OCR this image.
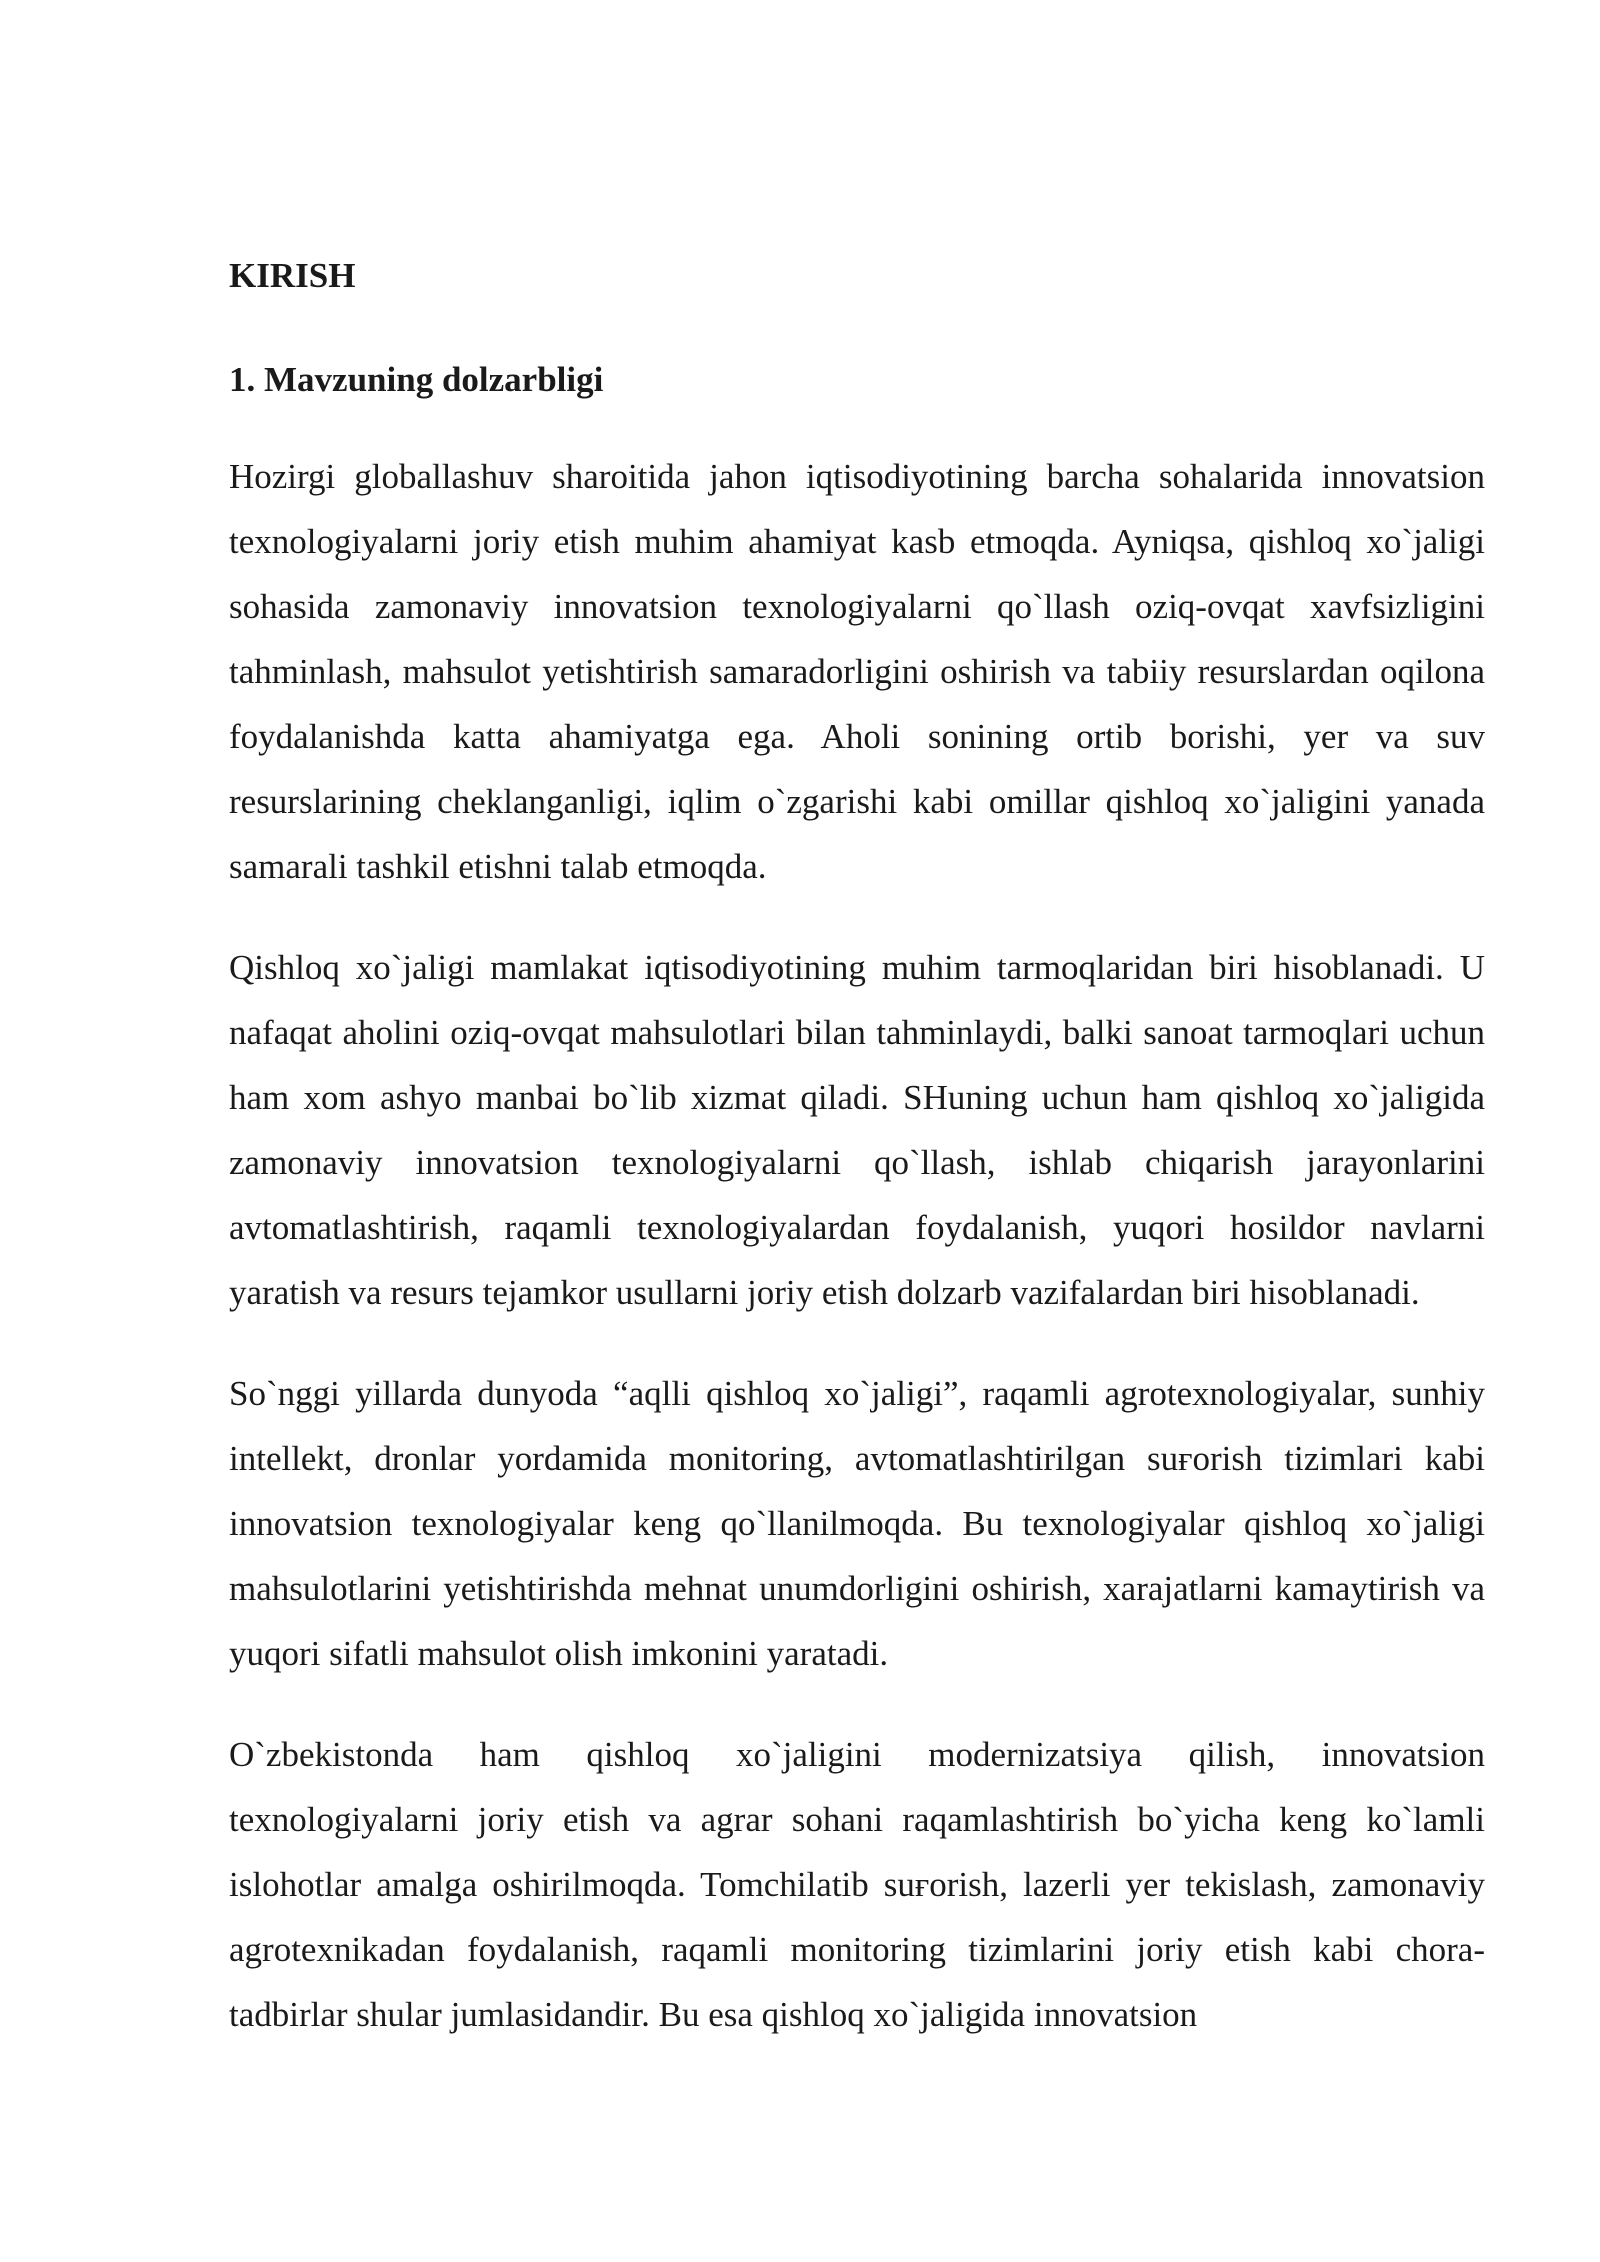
KIRISH
1. Mavzuning dolzarbligi

Hozirgi globallashuv sharoitida jahon iqtisodiyotining barcha sohalarida innovatsion texnologiyalarni joriy etish muhim ahamiyat kasb etmoqda. Ayniqsa, qishloq xo`jaligi sohasida zamonaviy innovatsion texnologiyalarni qo`llash oziq-ovqat xavfsizligini tahminlash, mahsulot yetishtirish samaradorligini oshirish va tabiiy resurslardan oqilona foydalanishda katta ahamiyatga ega. Aholi sonining ortib borishi, yer va suv resurslarining cheklanganligi, iqlim o`zgarishi kabi omillar qishloq xo`jaligini yanada samarali tashkil etishni talab etmoqda.

Qishloq xo`jaligi mamlakat iqtisodiyotining muhim tarmoqlaridan biri hisoblanadi. U nafaqat aholini oziq-ovqat mahsulotlari bilan tahminlaydi, balki sanoat tarmoqlari uchun ham xom ashyo manbai bo`lib xizmat qiladi. SHuning uchun ham qishloq xo`jaligida zamonaviy innovatsion texnologiyalarni qo`llash, ishlab chiqarish jarayonlarini avtomatlashtirish, raqamli texnologiyalardan foydalanish, yuqori hosildor navlarni yaratish va resurs tejamkor usullarni joriy etish dolzarb vazifalardan biri hisoblanadi.

So`nggi yillarda dunyoda “aqlli qishloq xo`jaligi”, raqamli agrotexnologiyalar, sunhiy intellekt, dronlar yordamida monitoring, avtomatlashtirilgan suғorish tizimlari kabi innovatsion texnologiyalar keng qo`llanilmoqda. Bu texnologiyalar qishloq xo`jaligi mahsulotlarini yetishtirishda mehnat unumdorligini oshirish, xarajatlarni kamaytirish va yuqori sifatli mahsulot olish imkonini yaratadi.

O`zbekistonda ham qishloq xo`jaligini modernizatsiya qilish, innovatsion texnologiyalarni joriy etish va agrar sohani raqamlashtirish bo`yicha keng ko`lamli islohotlar amalga oshirilmoqda. Tomchilatib suғorish, lazerli yer tekislash, zamonaviy agrotexnikadan foydalanish, raqamli monitoring tizimlarini joriy etish kabi chora-tadbirlar shular jumlasidandir. Bu esa qishloq xo`jaligida innovatsion
